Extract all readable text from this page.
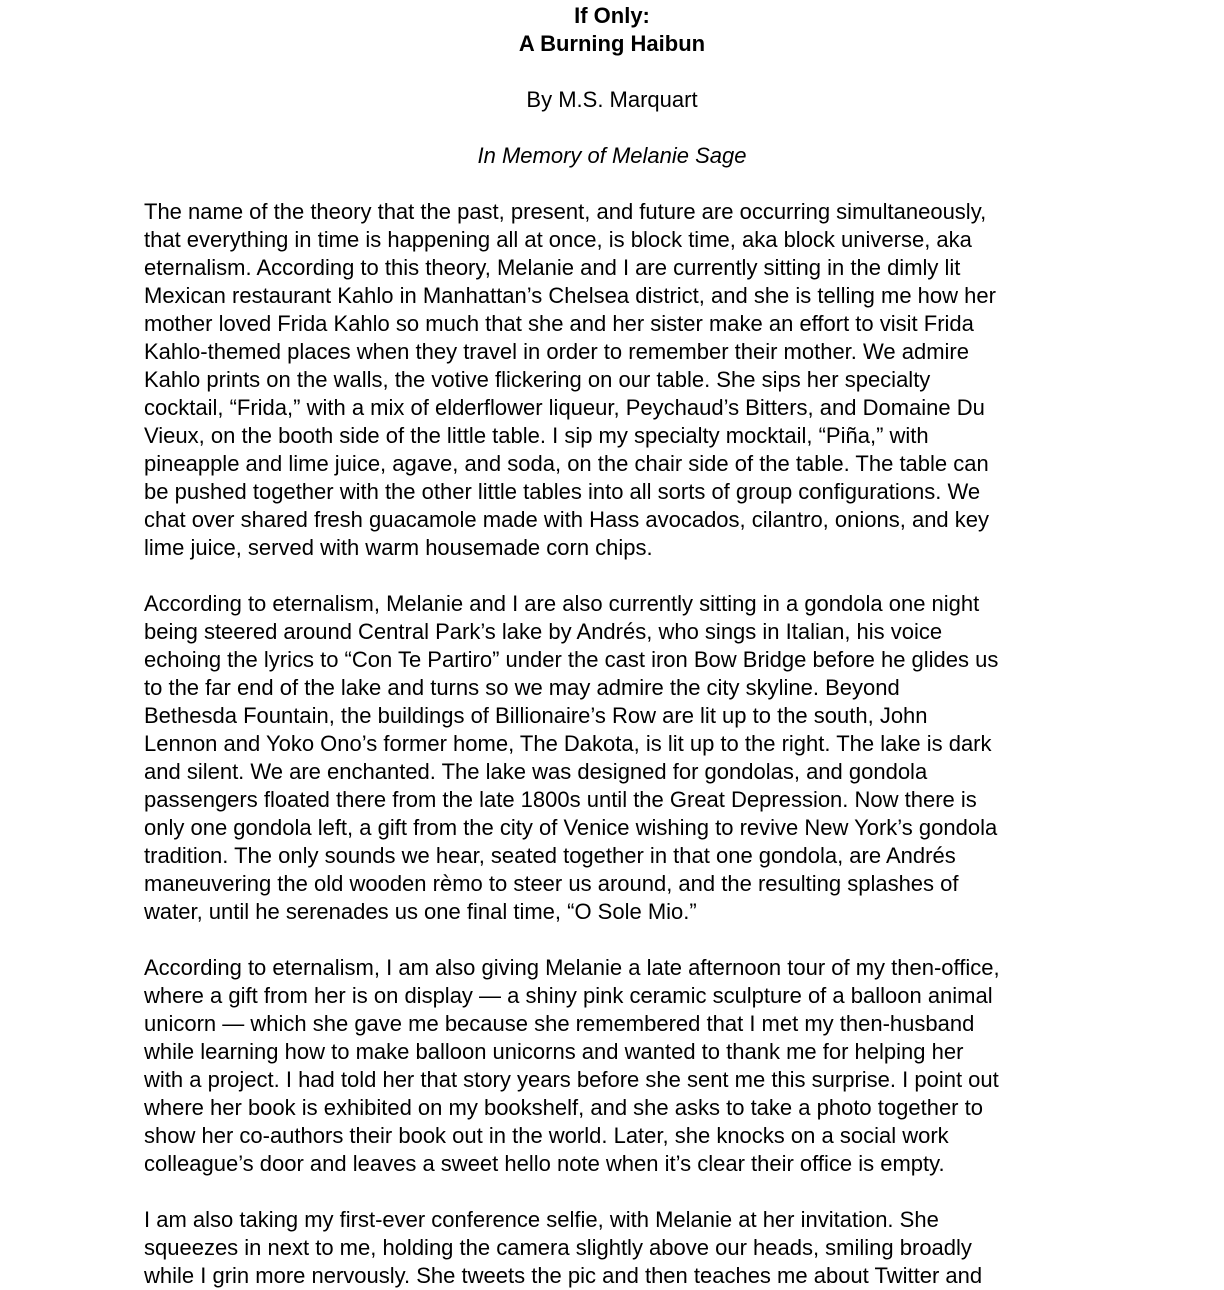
If Only:
A Burning Haibun
By M.S. Marquart
In Memory of Melanie Sage
The name of the theory that the past, present, and future are occurring simultaneously,
that everything in time is happening all at once, is block time, aka block universe, aka
eternalism. According to this theory, Melanie and I are currently sitting in the dimly lit
Mexican restaurant Kahlo in Manhattan’s Chelsea district, and she is telling me how her
mother loved Frida Kahlo so much that she and her sister make an effort to visit Frida
Kahlo-themed places when they travel in order to remember their mother. We admire
Kahlo prints on the walls, the votive flickering on our table. She sips her specialty
cocktail, “Frida,” with a mix of elderflower liqueur, Peychaud’s Bitters, and Domaine Du
Vieux, on the booth side of the little table. I sip my specialty mocktail, “Piña,” with
pineapple and lime juice, agave, and soda, on the chair side of the table. The table can
be pushed together with the other little tables into all sorts of group configurations. We
chat over shared fresh guacamole made with Hass avocados, cilantro, onions, and key
lime juice, served with warm housemade corn chips.
According to eternalism, Melanie and I are also currently sitting in a gondola one night
being steered around Central Park’s lake by Andrés, who sings in Italian, his voice
echoing the lyrics to “Con Te Partiro” under the cast iron Bow Bridge before he glides us
to the far end of the lake and turns so we may admire the city skyline. Beyond
Bethesda Fountain, the buildings of Billionaire’s Row are lit up to the south, John
Lennon and Yoko Ono’s former home, The Dakota, is lit up to the right. The lake is dark
and silent. We are enchanted. The lake was designed for gondolas, and gondola
passengers floated there from the late 1800s until the Great Depression. Now there is
only one gondola left, a gift from the city of Venice wishing to revive New York’s gondola
tradition. The only sounds we hear, seated together in that one gondola, are Andrés
maneuvering the old wooden rèmo to steer us around, and the resulting splashes of
water, until he serenades us one final time, “O Sole Mio.”
According to eternalism, I am also giving Melanie a late afternoon tour of my then-office,
where a gift from her is on display — a shiny pink ceramic sculpture of a balloon animal
unicorn — which she gave me because she remembered that I met my then-husband
while learning how to make balloon unicorns and wanted to thank me for helping her
with a project. I had told her that story years before she sent me this surprise. I point out
where her book is exhibited on my bookshelf, and she asks to take a photo together to
show her co-authors their book out in the world. Later, she knocks on a social work
colleague’s door and leaves a sweet hello note when it’s clear their office is empty.
I am also taking my first-ever conference selfie, with Melanie at her invitation. She
squeezes in next to me, holding the camera slightly above our heads, smiling broadly
while I grin more nervously. She tweets the pic and then teaches me about Twitter and
